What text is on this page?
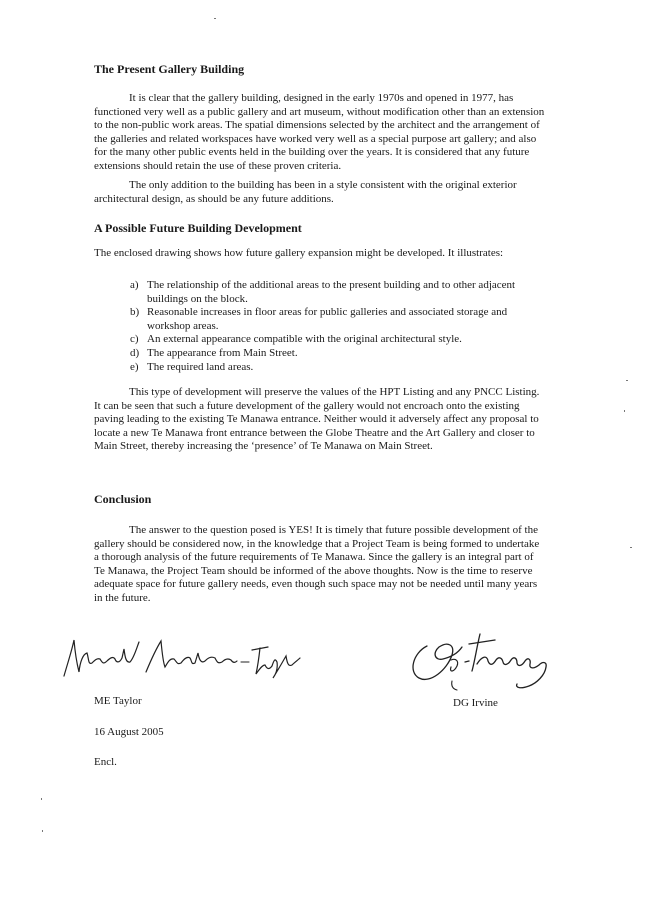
The Present Gallery Building

It is clear that the gallery building, designed in the early 1970s and opened in 1977, has functioned very well as a public gallery and art museum, without modification other than an extension to the non-public work areas. The spatial dimensions selected by the architect and the arrangement of the galleries and related workspaces have worked very well as a special purpose art gallery; and also for the many other public events held in the building over the years. It is considered that any future extensions should retain the use of these proven criteria.

The only addition to the building has been in a style consistent with the original exterior architectural design, as should be any future additions.

A Possible Future Building Development

The enclosed drawing shows how future gallery expansion might be developed. It illustrates:

a) The relationship of the additional areas to the present building and to other adjacent buildings on the block.
b) Reasonable increases in floor areas for public galleries and associated storage and workshop areas.
c) An external appearance compatible with the original architectural style.
d) The appearance from Main Street.
e) The required land areas.

This type of development will preserve the values of the HPT Listing and any PNCC Listing. It can be seen that such a future development of the gallery would not encroach onto the existing paving leading to the existing Te Manawa entrance. Neither would it adversely affect any proposal to locate a new Te Manawa front entrance between the Globe Theatre and the Art Gallery and closer to Main Street, thereby increasing the ‘presence’ of Te Manawa on Main Street.

Conclusion

The answer to the question posed is YES! It is timely that future possible development of the gallery should be considered now, in the knowledge that a Project Team is being formed to undertake a thorough analysis of the future requirements of Te Manawa. Since the gallery is an integral part of Te Manawa, the Project Team should be informed of the above thoughts. Now is the time to reserve adequate space for future gallery needs, even though such space may not be needed until many years in the future.

ME Taylor	DG Irvine
16 August 2005
Encl.
